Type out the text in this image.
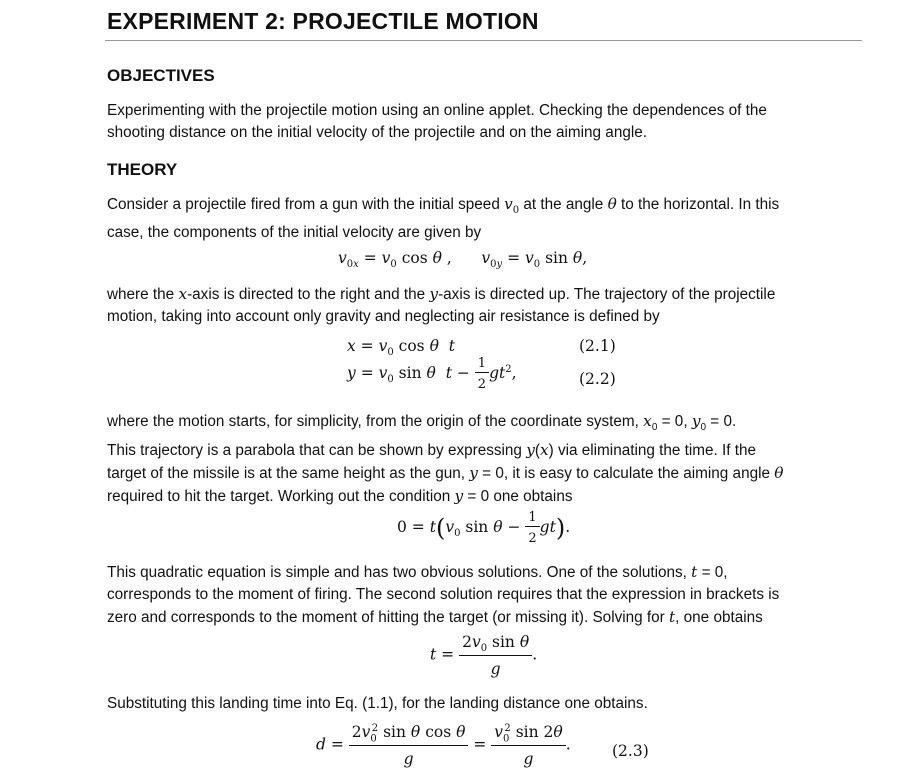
EXPERIMENT 2: PROJECTILE MOTION
OBJECTIVES
Experimenting with the projectile motion using an online applet. Checking the dependences of the
shooting distance on the initial velocity of the projectile and on the aiming angle.
THEORY
Consider a projectile fired from a gun with the initial speed $v_0$ at the angle θ to the horizontal. In this
case, the components of the initial velocity are given by
$v_{0x} = v_0$ cos θ ,      $v_{0y} = v_0$ sin θ,
where the x-axis is directed to the right and the y-axis is directed up. The trajectory of the projectile
motion, taking into account only gravity and neglecting air resistance is defined by
$x = v_0$ cos θ t	(2.1)
$y = v_0$ sin θ $t - \frac{1}{2} gt^2$,	(2.2)
where the motion starts, for simplicity, from the origin of the coordinate system, $x_0 = 0$, $y_0 = 0$.
This trajectory is a parabola that can be shown by expressing y(x) via eliminating the time. If the
target of the missile is at the same height as the gun, y = 0, it is easy to calculate the aiming angle θ
required to hit the target. Working out the condition y = 0 one obtains
$0 = t(v_0$ $\sin \theta - \frac{1}{2} gt$).
This quadratic equation is simple and has two obvious solutions. One of the solutions, t = 0,
corresponds to the moment of firing. The second solution requires that the expression in brackets is
zero and corresponds to the moment of hitting the target (or missing it). Solving for t, one obtains
$t = \frac{2v_0 \sin \theta}{g}$ .
Substituting this landing time into Eq. (1.1), for the landing distance one obtains.
$d = \frac{2v_0^2 \sin \theta \cos \theta}{g} = \frac{v_0^2 \sin 2\theta}{g}$ .	(2.3)
